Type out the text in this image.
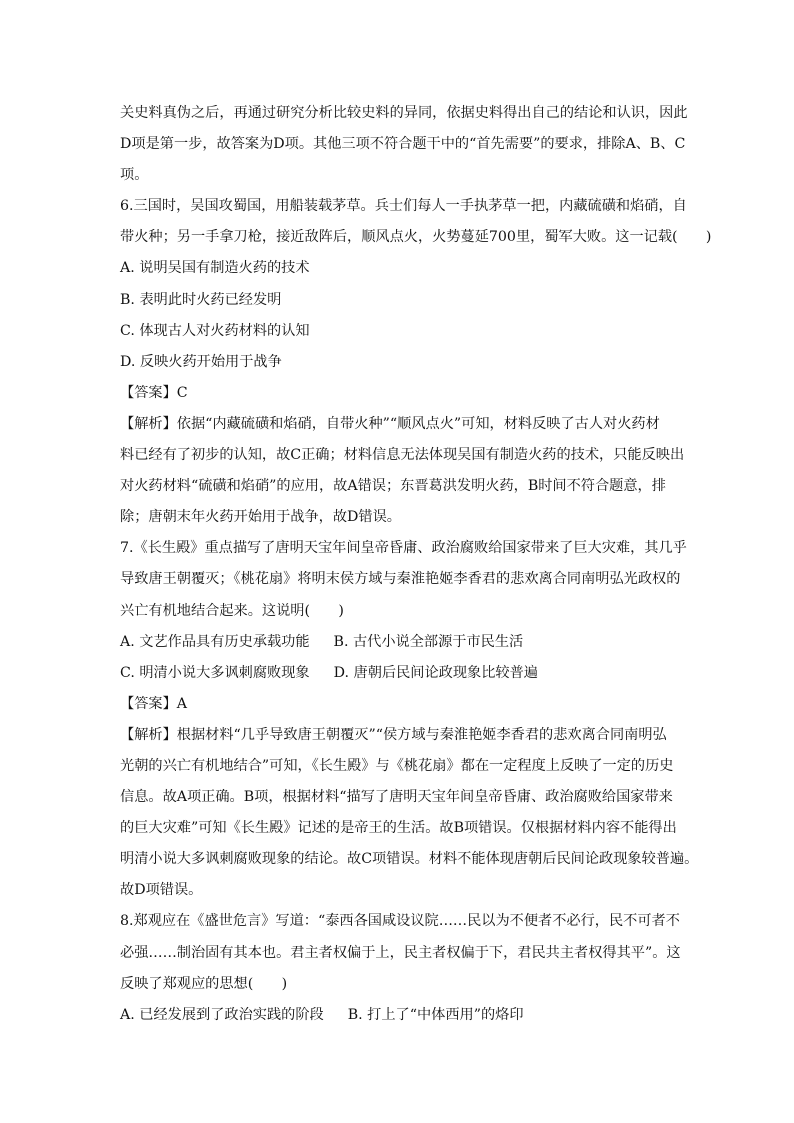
关史料真伪之后，再通过研究分析比较史料的异同，依据史料得出自己的结论和认识，因此
D项是第一步，故答案为D项。其他三项不符合题干中的“首先需要”的要求，排除A、B、C
项。
6.三国时，吴国攻蜀国，用船装载茅草。兵士们每人一手执茅草一把，内藏硫磺和焰硝，自
带火种；另一手拿刀枪，接近敌阵后，顺风点火，火势蔓延700里，蜀军大败。这一记载(　　)
A. 说明吴国有制造火药的技术
B. 表明此时火药已经发明
C. 体现古人对火药材料的认知
D. 反映火药开始用于战争
【答案】C
【解析】依据“内藏硫磺和焰硝，自带火种”“顺风点火”可知，材料反映了古人对火药材
料已经有了初步的认知，故C正确；材料信息无法体现吴国有制造火药的技术，只能反映出
对火药材料“硫磺和焰硝”的应用，故A错误；东晋葛洪发明火药，B时间不符合题意，排
除；唐朝末年火药开始用于战争，故D错误。
7.《长生殿》重点描写了唐明天宝年间皇帝昏庸、政治腐败给国家带来了巨大灾难，其几乎
导致唐王朝覆灭；《桃花扇》将明末侯方域与秦淮艳姬李香君的悲欢离合同南明弘光政权的
兴亡有机地结合起来。这说明(　　)
A. 文艺作品具有历史承载功能 B. 古代小说全部源于市民生活
C. 明清小说大多讽刺腐败现象 D. 唐朝后民间论政现象比较普遍
【答案】A
【解析】根据材料“几乎导致唐王朝覆灭”“侯方域与秦淮艳姬李香君的悲欢离合同南明弘
光朝的兴亡有机地结合”可知，《长生殿》与《桃花扇》都在一定程度上反映了一定的历史
信息。故A项正确。B项，根据材料“描写了唐明天宝年间皇帝昏庸、政治腐败给国家带来
的巨大灾难”可知《长生殿》记述的是帝王的生活。故B项错误。仅根据材料内容不能得出
明清小说大多讽刺腐败现象的结论。故C项错误。材料不能体现唐朝后民间论政现象较普遍。
故D项错误。
8.郑观应在《盛世危言》写道：“泰西各国咸设议院……民以为不便者不必行，民不可者不
必强……制治固有其本也。君主者权偏于上，民主者权偏于下，君民共主者权得其平”。这
反映了郑观应的思想(　　)
A. 已经发展到了政治实践的阶段 B. 打上了“中体西用”的烙印
